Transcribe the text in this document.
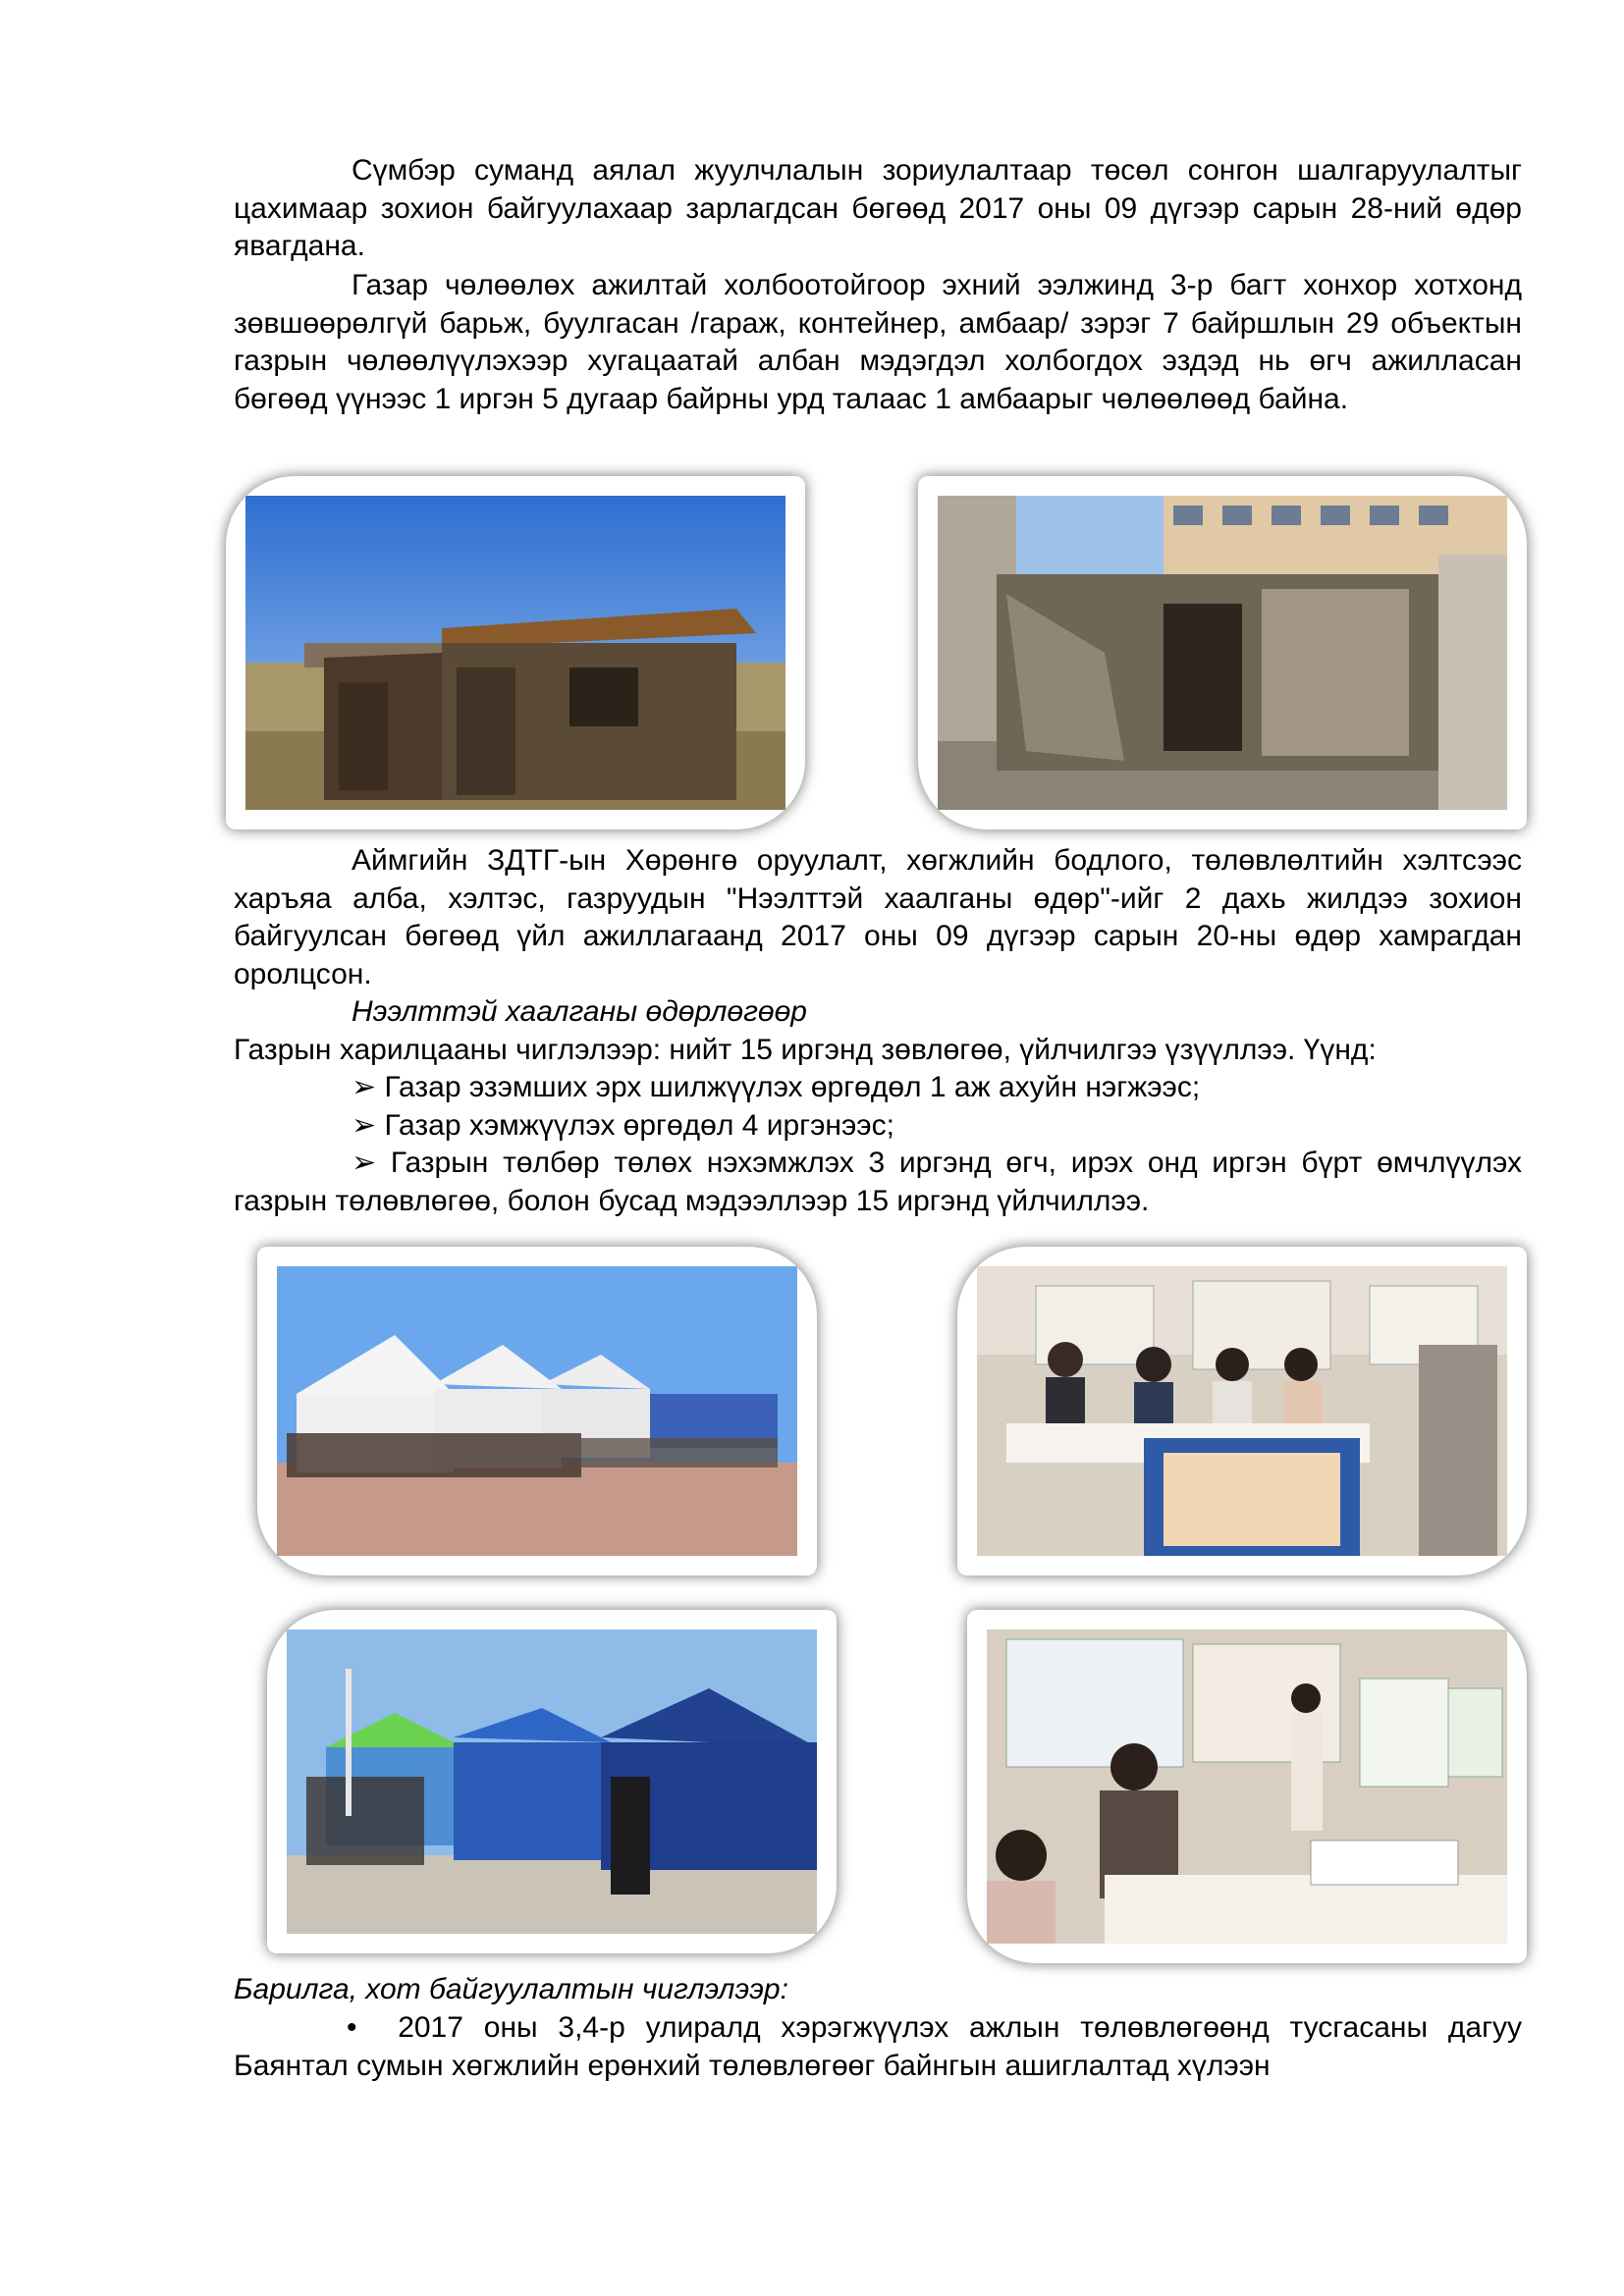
Сүмбэр суманд аялал жуулчлалын зориулалтаар төсөл сонгон шалгаруулалтыг цахимаар зохион байгуулахаар зарлагдсан бөгөөд 2017 оны 09 дүгээр сарын 28-ний өдөр явагдана.

Газар чөлөөлөх ажилтай холбоотойгоор эхний ээлжинд 3-р багт хонхор хотхонд зөвшөөрөлгүй барьж, буулгасан /гараж, контейнер, амбаар/ зэрэг 7 байршлын 29 объектын газрын чөлөөлүүлэхээр хугацаатай албан мэдэгдэл холбогдох эздэд нь өгч ажилласан бөгөөд үүнээс 1 иргэн 5 дугаар байрны урд талаас 1 амбаарыг чөлөөлөөд байна.

Аймгийн ЗДТГ-ын Хөрөнгө оруулалт, хөгжлийн бодлого, төлөвлөлтийн хэлтсээс харъяа алба, хэлтэс, газруудын "Нээлттэй хаалганы өдөр"-ийг 2 дахь жилдээ зохион байгуулсан бөгөөд үйл ажиллагаанд 2017 оны 09 дүгээр сарын 20-ны өдөр хамрагдан оролцсон.

Нээлттэй хаалганы өдөрлөгөөр

Газрын харилцааны чиглэлээр: нийт 15 иргэнд зөвлөгөө, үйлчилгээ үзүүллээ. Үүнд:

➢ Газар эзэмших эрх шилжүүлэх өргөдөл 1 аж ахуйн нэгжээс;
➢ Газар хэмжүүлэх өргөдөл 4 иргэнээс;

➢ Газрын төлбөр төлөх нэхэмжлэх 3 иргэнд өгч, ирэх онд иргэн бүрт өмчлүүлэх газрын төлөвлөгөө, болон бусад мэдээллээр 15 иргэнд үйлчиллээ.

Барилга, хот байгуулалтын чиглэлээр:

• 2017 оны 3,4-р улиралд хэрэгжүүлэх ажлын төлөвлөгөөнд тусгасаны дагуу Баянтал сумын хөгжлийн ерөнхий төлөвлөгөөг байнгын ашиглалтад хүлээн
